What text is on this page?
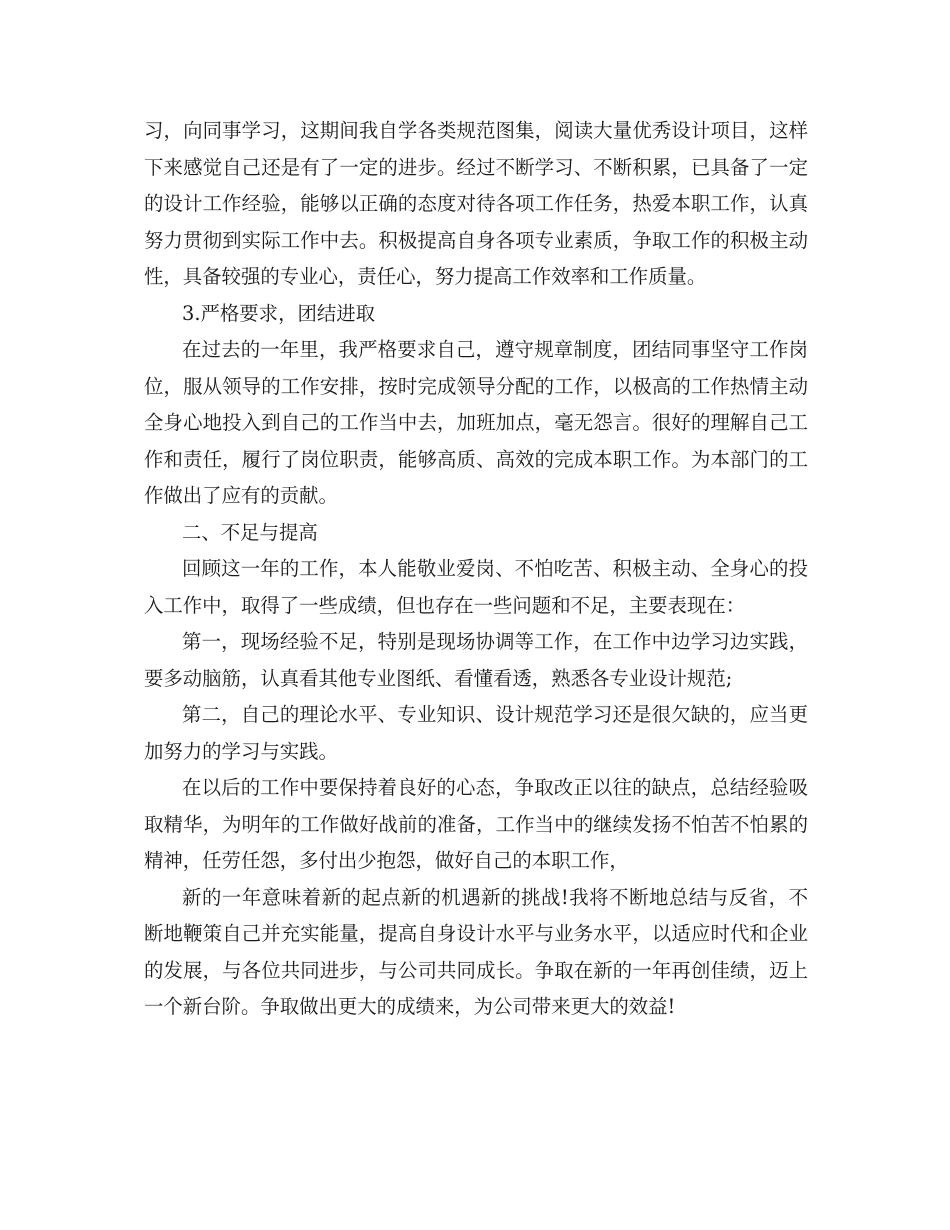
习，向同事学习，这期间我自学各类规范图集，阅读大量优秀设计项目，这样下来感觉自己还是有了一定的进步。经过不断学习、不断积累，已具备了一定的设计工作经验，能够以正确的态度对待各项工作任务，热爱本职工作，认真努力贯彻到实际工作中去。积极提高自身各项专业素质，争取工作的积极主动性，具备较强的专业心，责任心，努力提高工作效率和工作质量。

3.严格要求，团结进取

在过去的一年里，我严格要求自己，遵守规章制度，团结同事坚守工作岗位，服从领导的工作安排，按时完成领导分配的工作，以极高的工作热情主动全身心地投入到自己的工作当中去，加班加点，毫无怨言。很好的理解自己工作和责任，履行了岗位职责，能够高质、高效的完成本职工作。为本部门的工作做出了应有的贡献。

二、不足与提高

回顾这一年的工作，本人能敬业爱岗、不怕吃苦、积极主动、全身心的投入工作中，取得了一些成绩，但也存在一些问题和不足，主要表现在：

第一，现场经验不足，特别是现场协调等工作，在工作中边学习边实践，要多动脑筋，认真看其他专业图纸、看懂看透，熟悉各专业设计规范;

第二，自己的理论水平、专业知识、设计规范学习还是很欠缺的，应当更加努力的学习与实践。

在以后的工作中要保持着良好的心态，争取改正以往的缺点，总结经验吸取精华，为明年的工作做好战前的准备，工作当中的继续发扬不怕苦不怕累的精神，任劳任怨，多付出少抱怨，做好自己的本职工作，

新的一年意味着新的起点新的机遇新的挑战!我将不断地总结与反省，不断地鞭策自己并充实能量，提高自身设计水平与业务水平，以适应时代和企业的发展，与各位共同进步，与公司共同成长。争取在新的一年再创佳绩，迈上一个新台阶。争取做出更大的成绩来，为公司带来更大的效益!
